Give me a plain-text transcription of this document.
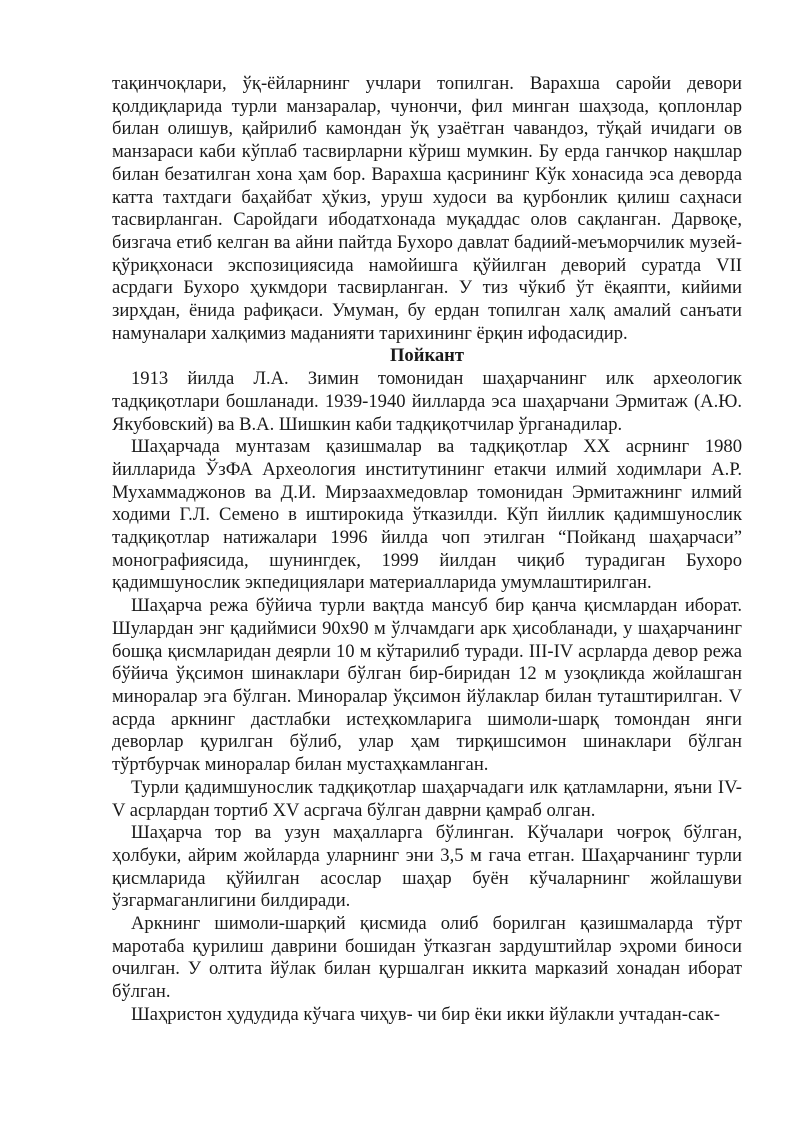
тақинчоқлари, ўқ-ёйларнинг учлари топилган. Варахша саройи девори қолдиқларида турли манзаралар, чунончи, фил минган шаҳзода, қоплонлар билан олишув, қайрилиб камондан ўқ узаётган чавандоз, тўқай ичидаги ов манзараси каби кўплаб тасвирларни кўриш мумкин. Бу ерда ганчкор нақшлар билан безатилган хона ҳам бор. Варахша қасрининг Кўк хонасида эса деворда катта тахтдаги баҳайбат ҳўкиз, уруш худоси ва қурбонлик қилиш саҳнаси тасвирланган. Саройдаги ибодатхонада муқаддас олов сақланган. Дарвоқе, бизгача етиб келган ва айни пайтда Бухоро давлат бадиий-меъморчилик музей-қўриқхонаси экспозициясида намойишга қўйилган деворий суратда VII асрдаги Бухоро ҳукмдори тасвирланган. У тиз чўкиб ўт ёқаяпти, кийими зирҳдан, ёнида рафиқаси. Умуман, бу ердан топилган халқ амалий санъати намуналари халқимиз маданияти тарихининг ёрқин ифодасидир.

Пойкант

1913 йилда Л.А. Зимин томонидан шаҳарчанинг илк археологик тадқиқотлари бошланади. 1939-1940 йилларда эса шаҳарчани Эрмитаж (А.Ю. Якубовский) ва В.А. Шишкин каби тадқиқотчилар ўрганадилар.

Шаҳарчада мунтазам қазишмалар ва тадқиқотлар ХХ асрнинг 1980 йилларида ЎзФА Археология институтининг етакчи илмий ходимлари А.Р. Мухаммаджонов ва Д.И. Мирзаахмедовлар томонидан Эрмитажнинг илмий ходими Г.Л. Семено в иштирокида ўтказилди. Кўп йиллик қадимшунослик тадқиқотлар натижалари 1996 йилда чоп этилган “Пойканд шаҳарчаси” монографиясида, шунингдек, 1999 йилдан чиқиб турадиган Бухоро қадимшунослик экпедициялари материалларида умумлаштирилган.

Шаҳарча режа бўйича турли вақтда мансуб бир қанча қисмлардан иборат. Шулардан энг қадиймиси 90х90 м ўлчамдаги арк ҳисобланади, у шаҳарчанинг бошқа қисмларидан деярли 10 м кўтарилиб туради. III-IV асрларда девор режа бўйича ўқсимон шинаклари бўлган бир-биридан 12 м узоқликда жойлашган миноралар эга бўлган. Миноралар ўқсимон йўлаклар билан туташтирилган. V асрда аркнинг дастлабки истеҳкомларига шимоли-шарқ томондан янги деворлар қурилган бўлиб, улар ҳам тирқишсимон шинаклари бўлган тўртбурчак миноралар билан мустаҳкамланган.

Турли қадимшунослик тадқиқотлар шаҳарчадаги илк қатламларни, яъни IV- V асрлардан тортиб XV асргача бўлган даврни қамраб олган.

Шаҳарча тор ва узун маҳалларга бўлинган. Кўчалари чоғроқ бўлган, ҳолбуки, айрим жойларда уларнинг эни 3,5 м гача етган. Шаҳарчанинг турли қисмларида қўйилган асослар шаҳар буён кўчаларнинг жойлашуви ўзгармаганлигини билдиради.

Аркнинг шимоли-шарқий қисмида олиб борилган қазишмаларда тўрт маротаба қурилиш даврини бошидан ўтказган зардуштийлар эҳроми биноси очилган. У олтита йўлак билан қуршалган иккита марказий хонадан иборат бўлган.

Шаҳристон ҳудудида кўчага чиҳув- чи бир ёки икки йўлакли учтадан-сак-
